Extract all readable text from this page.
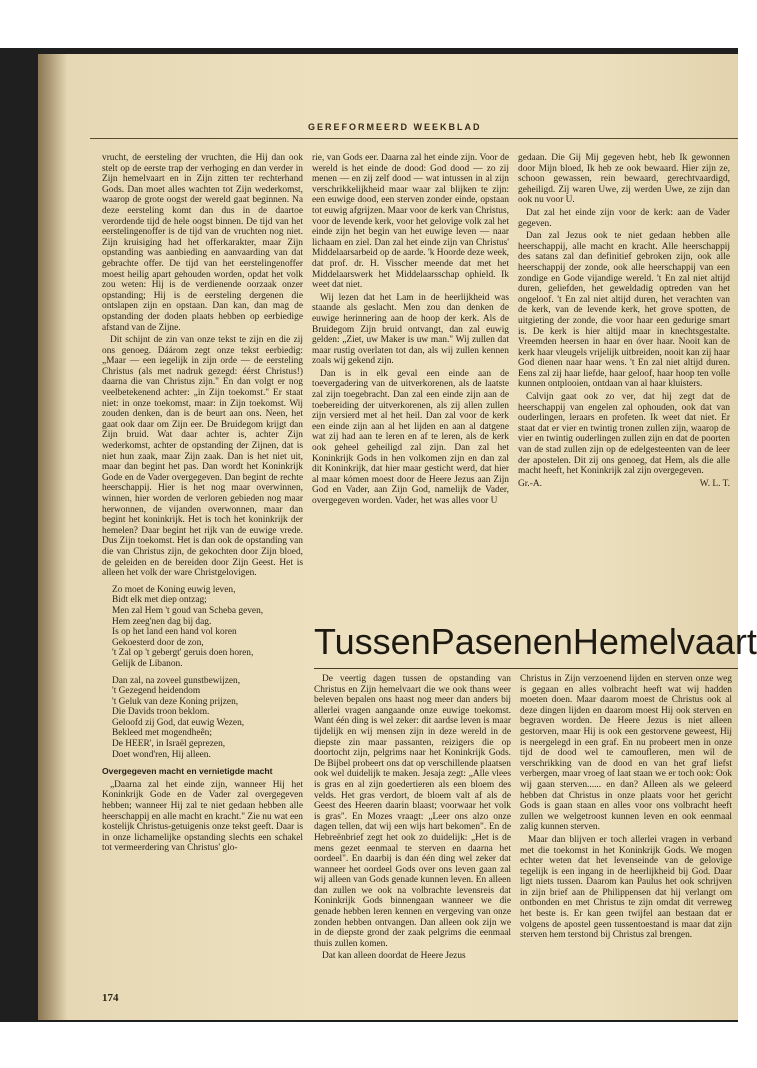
GEREFORMEERD WEEKBLAD

vrucht, de eersteling der vruchten, die Hij dan ook stelt op de eerste trap der verhoging en dan verder in Zijn hemelvaart en in Zijn zitten ter rechterhand Gods. Dan moet alles wachten tot Zijn wederkomst, waarop de grote oogst der wereld gaat beginnen. Na deze eersteling komt dan dus in de daartoe verordende tijd de hele oogst binnen. De tijd van het eerstelingenoffer is de tijd van de vruchten nog niet. Zijn kruisiging had het offerkarakter, maar Zijn opstanding was aanbieding en aanvaarding van dat gebrachte offer. De tijd van het eerstelingenoffer moest heilig apart gehouden worden, opdat het volk zou weten: Hij is de verdienende oorzaak onzer opstanding; Hij is de eersteling dergenen die ontslapen zijn en opstaan. Dan kan, dan mag de opstanding der doden plaats hebben op eerbiedige afstand van de Zijne.

Dit schijnt de zin van onze tekst te zijn en die zij ons genoeg. Dáárom zegt onze tekst eerbiedig: „Maar — een iegelijk in zijn orde — de eersteling Christus (als met nadruk gezegd: éérst Christus!) daarna die van Christus zijn." En dan volgt er nog veelbetekenend achter: „in Zijn toekomst." Er staat niet: in onze toekomst, maar: in Zijn toekomst. Wij zouden denken, dan is de beurt aan ons. Neen, het gaat ook daar om Zijn eer. De Bruidegom krijgt dan Zijn bruid. Wat daar achter is, achter Zijn wederkomst, achter de opstanding der Zijnen, dat is niet hun zaak, maar Zijn zaak. Dan is het niet uit, maar dan begint het pas. Dan wordt het Koninkrijk Gode en de Vader overgegeven. Dan begint de rechte heerschappij. Hier is het nog maar overwinnen, winnen, hier worden de verloren gebieden nog maar herwonnen, de vijanden overwonnen, maar dan begint het koninkrijk. Het is toch het koninkrijk der hemelen? Daar begint het rijk van de euwige vrede. Dus Zijn toekomst. Het is dan ook de opstanding van die van Christus zijn, de gekochten door Zijn bloed, de geleiden en de bereiden door Zijn Geest. Het is alleen het volk der ware Christgelovigen.

Zo moet de Koning euwig leven,
Bidt elk met diep ontzag;
Men zal Hem 't goud van Scheba geven,
Hem zeeg'nen dag bij dag.
Is op het land een hand vol koren
Gekoesterd door de zon,
't Zal op 't gebergt' geruis doen horen,
Gelijk de Libanon.
Dan zal, na zoveel gunstbewijzen,
't Gezegend heidendom
't Geluk van deze Koning prijzen,
Die Davids troon beklom.
Geloofd zij God, dat euwig Wezen,
Bekleed met mogendheên;
De HEER', in Israël geprezen,
Doet wond'ren, Hij alleen.
Overgegeven macht en vernietigde macht

„Daarna zal het einde zijn, wanneer Hij het Koninkrijk Gode en de Vader zal overgegeven hebben; wanneer Hij zal te niet gedaan hebben alle heerschappij en alle macht en kracht." Zie nu wat een kostelijk Christus-getuigenis onze tekst geeft. Daar is in onze lichamelijke opstanding slechts een schakel tot vermeerdering van Christus' glo-

rie, van Gods eer. Daarna zal het einde zijn. Voor de wereld is het einde de dood: God dood — zo zij menen — en zij zelf dood — wat intussen in al zijn verschrikkelijkheid maar waar zal blijken te zijn: een euwige dood, een sterven zonder einde, opstaan tot euwig afgrijzen. Maar voor de kerk van Christus, voor de levende kerk, voor het gelovige volk zal het einde zijn het begin van het euwige leven — naar lichaam en ziel. Dan zal het einde zijn van Christus' Middelaarsarbeid op de aarde. 'k Hoorde deze week, dat prof. dr. H. Visscher meende dat met het Middelaarswerk het Middelaarsschap ophield. Ik weet dat niet.

Wij lezen dat het Lam in de heerlijkheid was staande als geslacht. Men zou dan denken de euwige herinnering aan de hoop der kerk. Als de Bruidegom Zijn bruid ontvangt, dan zal euwig gelden: „Ziet, uw Maker is uw man." Wij zullen dat maar rustig overlaten tot dan, als wij zullen kennen zoals wij gekend zijn.

Dan is in elk geval een einde aan de toevergadering van de uitverkorenen, als de laatste zal zijn toegebracht. Dan zal een einde zijn aan de toebereiding der uitverkorenen, als zij allen zullen zijn versierd met al het heil. Dan zal voor de kerk een einde zijn aan al het lijden en aan al datgene wat zij had aan te leren en af te leren, als de kerk ook geheel geheiligd zal zijn. Dan zal het Koninkrijk Gods in hen volkomen zijn en dan zal dit Koninkrijk, dat hier maar gesticht werd, dat hier al maar kómen moest door de Heere Jezus aan Zijn God en Vader, aan Zijn God, namelijk de Vader, overgegeven worden. Vader, het was alles voor U

gedaan. Die Gij Mij gegeven hebt, heb Ik gewonnen door Mijn bloed, Ik heb ze ook bewaard. Hier zijn ze, schoon gewassen, rein bewaard, gerechtvaardigd, geheiligd. Zij waren Uwe, zij werden Uwe, ze zijn dan ook nu voor U.

Dat zal het einde zijn voor de kerk: aan de Vader gegeven.

Dan zal Jezus ook te niet gedaan hebben alle heerschappij, alle macht en kracht. Alle heerschappij des satans zal dan definitief gebroken zijn, ook alle heerschappij der zonde, ook alle heerschappij van een zondige en Gode vijandige wereld. 't En zal niet altijd duren, geliefden, het geweldadig optreden van het ongeloof. 't En zal niet altijd duren, het verachten van de kerk, van de levende kerk, het grove spotten, de uitgieting der zonde, die voor haar een gedurige smart is. De kerk is hier altijd maar in knechtsgestalte. Vreemden heersen in haar en óver haar. Nooit kan de kerk haar vleugels vrijelijk uitbreiden, nooit kan zij haar God dienen naar haar wens. 't En zal niet altijd duren. Eens zal zij haar liefde, haar geloof, haar hoop ten volle kunnen ontplooien, ontdaan van al haar kluisters.

Calvijn gaat ook zo ver, dat hij zegt dat de heerschappij van engelen zal ophouden, ook dat van ouderlingen, leraars en profeten. Ik weet dat niet. Er staat dat er vier en twintig tronen zullen zijn, waarop de vier en twintig ouderlingen zullen zijn en dat de poorten van de stad zullen zijn op de edelgesteenten van de leer der apostelen. Dit zij ons genoeg, dat Hem, als die alle macht heeft, het Koninkrijk zal zijn overgegeven.

Gr.-A.	W. L. T.
Tussen Pasen en Hemelvaart

De veertig dagen tussen de opstanding van Christus en Zijn hemelvaart die we ook thans weer beleven bepalen ons haast nog meer dan anders bij allerlei vragen aangaande onze euwige toekomst. Want één ding is wel zeker: dit aardse leven is maar tijdelijk en wij mensen zijn in deze wereld in de diepste zin maar passanten, reizigers die op doortocht zijn, pelgrims naar het Koninkrijk Gods. De Bijbel probeert ons dat op verschillende plaatsen ook wel duidelijk te maken. Jesaja zegt: „Alle vlees is gras en al zijn goedertieren als een bloem des velds. Het gras verdort, de bloem valt af als de Geest des Heeren daarin blaast; voorwaar het volk is gras". En Mozes vraagt: „Leer ons alzo onze dagen tellen, dat wij een wijs hart bekomen". En de Hebreënbrief zegt het ook zo duidelijk: „Het is de mens gezet eenmaal te sterven en daarna het oordeel". En daarbij is dan één ding wel zeker dat wanneer het oordeel Gods over ons leven gaan zal wij alleen van Gods genade kunnen leven. En alleen dan zullen we ook na volbrachte levensreis dat Koninkrijk Gods binnengaan wanneer we die genade hebben leren kennen en vergeving van onze zonden hebben ontvangen. Dan alleen ook zijn we in de diepste grond der zaak pelgrims die eenmaal thuis zullen komen.

Dat kan alleen doordat de Heere Jezus

Christus in Zijn verzoenend lijden en sterven onze weg is gegaan en alles volbracht heeft wat wij hadden moeten doen. Maar daarom moest de Christus ook al deze dingen lijden en daarom moest Hij ook sterven en begraven worden. De Heere Jezus is niet alleen gestorven, maar Hij is ook een gestorvene geweest, Hij is neergelegd in een graf. En nu probeert men in onze tijd de dood wel te camoufleren, men wil de verschrikking van de dood en van het graf liefst verbergen, maar vroeg of laat staan we er toch ook: Ook wij gaan sterven...... en dan? Alleen als we geleerd hebben dat Christus in onze plaats voor het gericht Gods is gaan staan en alles voor ons volbracht heeft zullen we welgetroost kunnen leven en ook eenmaal zalig kunnen sterven.

Maar dan blijven er toch allerlei vragen in verband met die toekomst in het Koninkrijk Gods. We mogen echter weten dat het levenseinde van de gelovige tegelijk is een ingang in de heerlijkheid bij God. Daar ligt niets tussen. Daarom kan Paulus het ook schrijven in zijn brief aan de Philippensen dat hij verlangt om ontbonden en met Christus te zijn omdat dit verreweg het beste is. Er kan geen twijfel aan bestaan dat er volgens de apostel geen tussentoestand is maar dat zijn sterven hem terstond bij Christus zal brengen.

174
